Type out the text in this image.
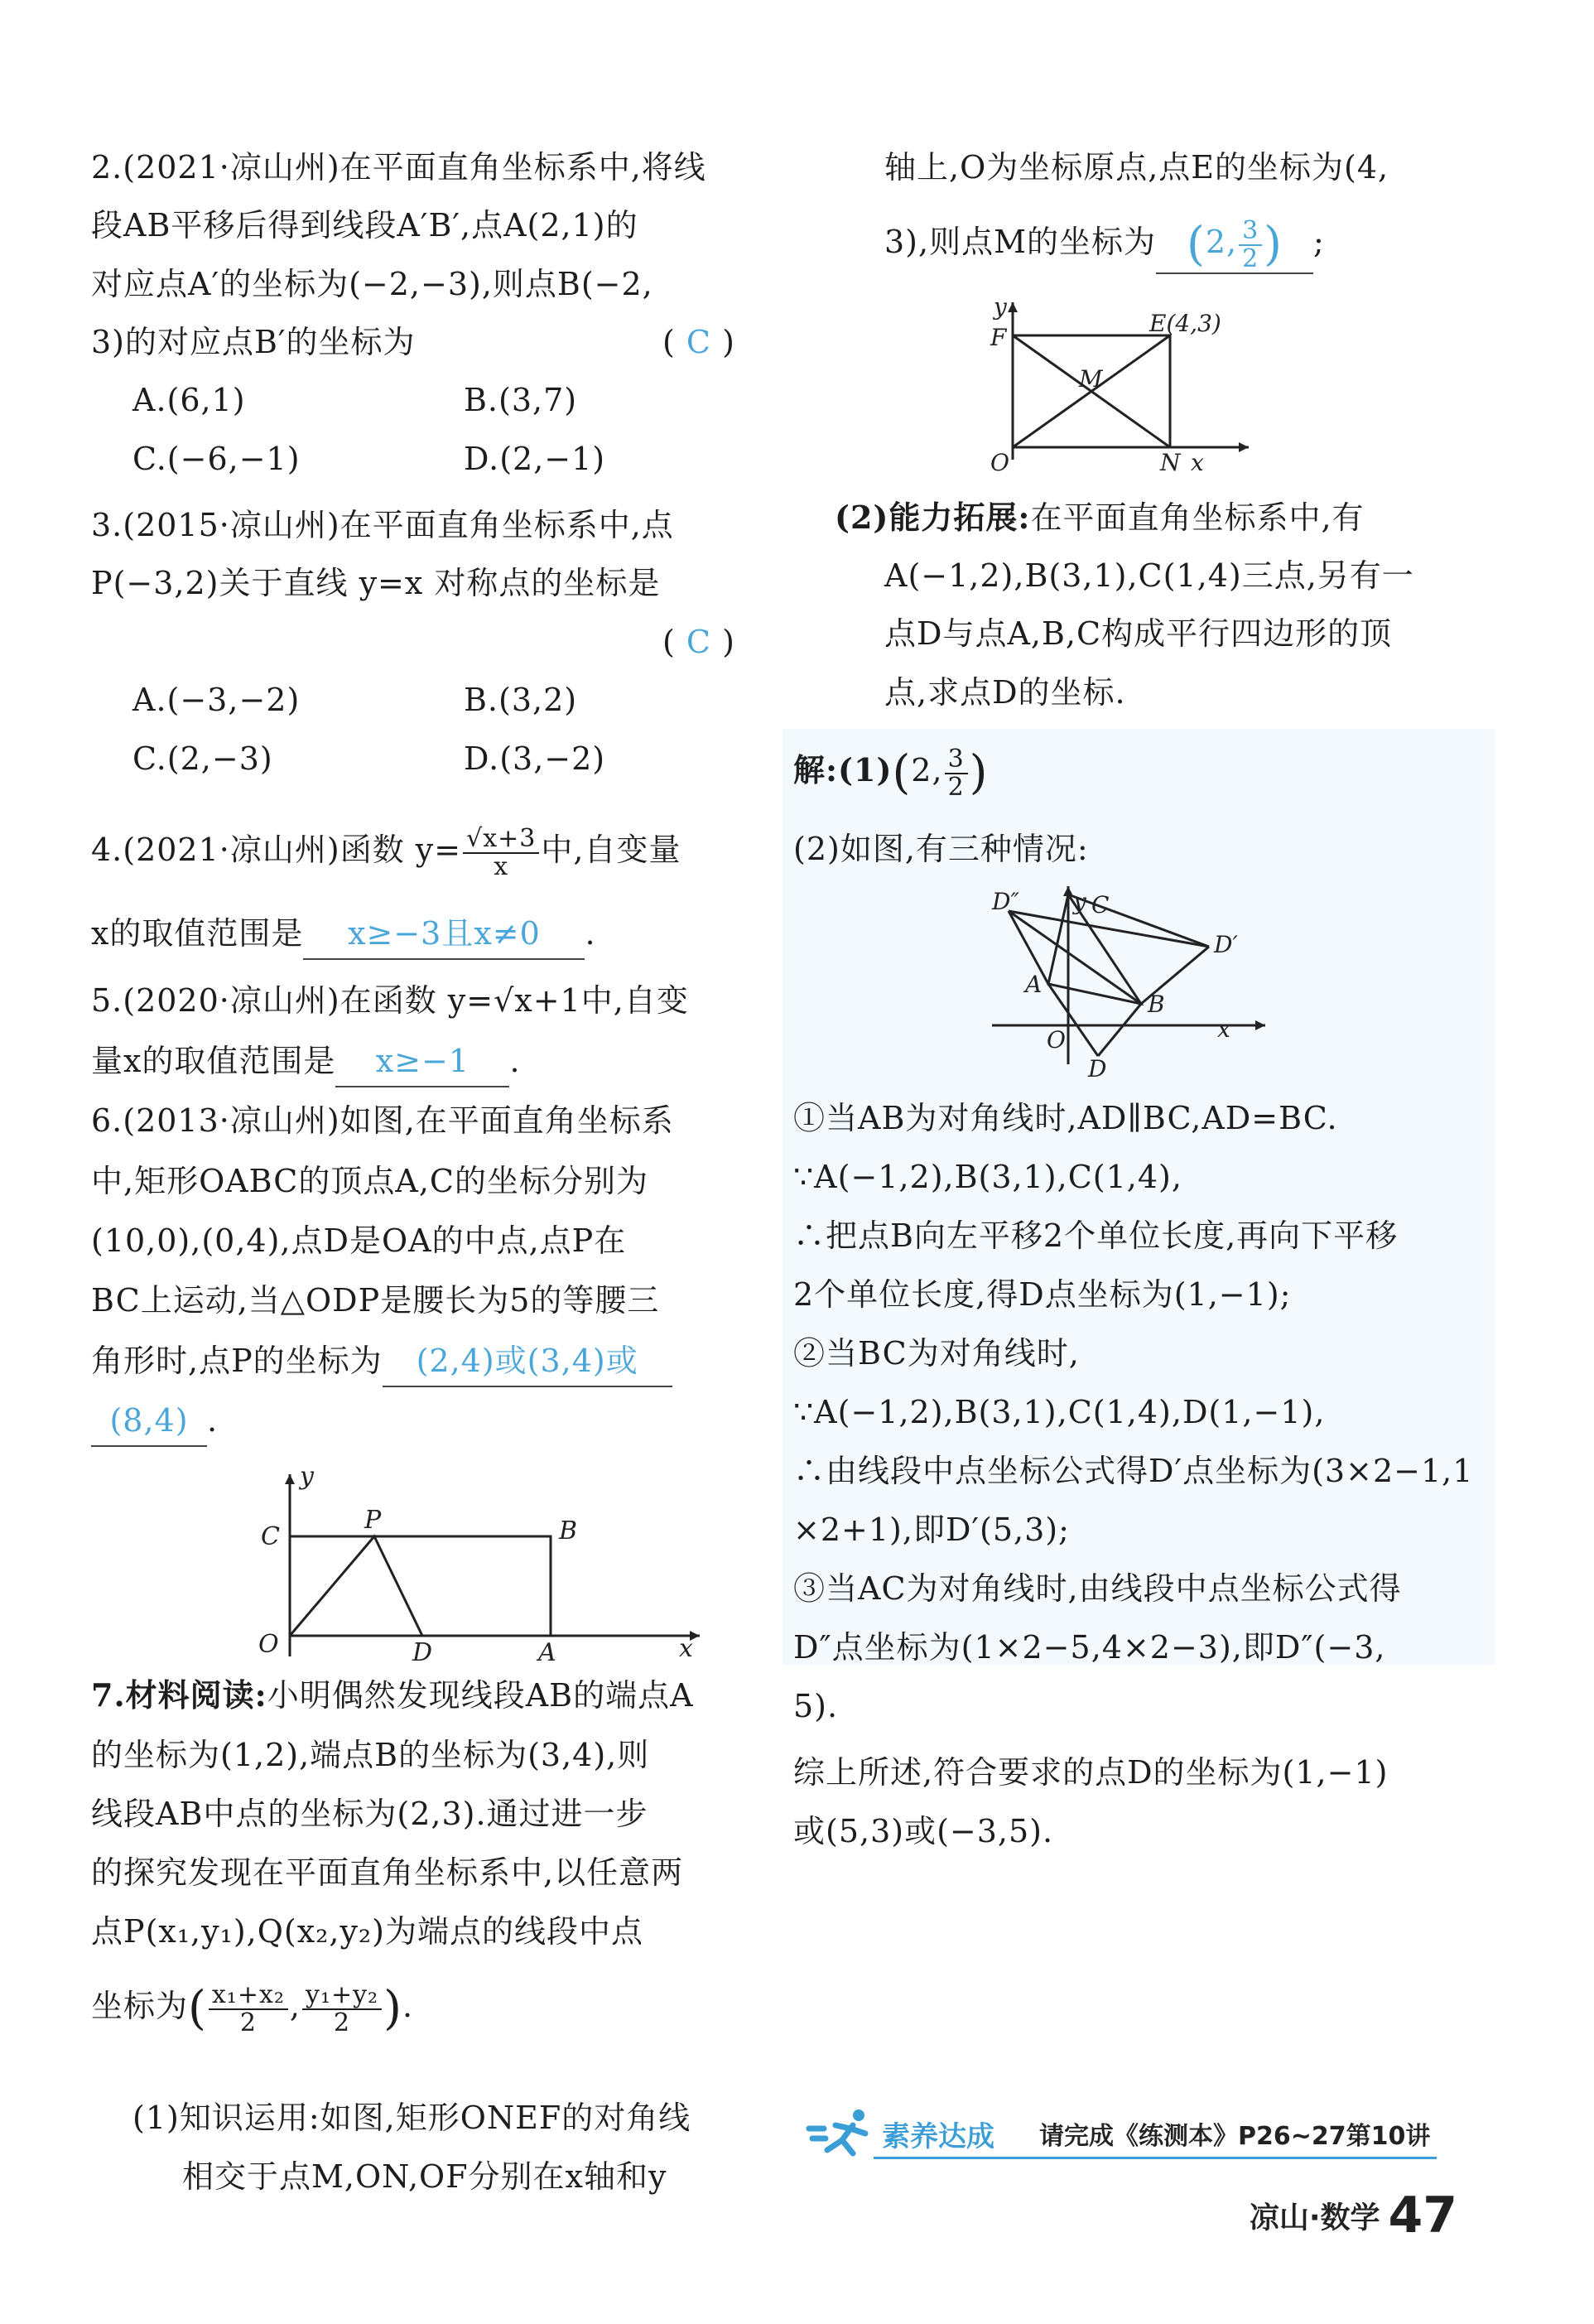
2.(2021·凉山州)在平面直角坐标系中,将线
段AB平移后得到线段A′B′,点A(2,1)的
对应点A′的坐标为(−2,−3),则点B(−2,
3)的对应点B′的坐标为	( C )
A.(6,1)	B.(3,7)
C.(−6,−1)	D.(2,−1)
3.(2015·凉山州)在平面直角坐标系中,点
P(−3,2)关于直线 y=x 对称点的坐标是
( C )
A.(−3,−2)	B.(3,2)
C.(2,−3)	D.(3,−2)
4.(2021·凉山州)函数 $y= \frac{√x+3}{x}$ 中,自变量
x的取值范围是 x≥−3且x≠0 .
5.(2020·凉山州)在函数 y=√x+1中,自变
量x的取值范围是 x≥−1 .
6.(2013·凉山州)如图,在平面直角坐标系
中,矩形OABC的顶点A,C的坐标分别为
(10,0),(0,4),点D是OA的中点,点P在
BC上运动,当△ODP是腰长为5的等腰三
角形时,点P的坐标为 (2,4)或(3,4)或
(8,4) .
y
x
C
P	B
O	D	A
7.材料阅读:小明偶然发现线段AB的端点A
的坐标为(1,2),端点B的坐标为(3,4),则
线段AB中点的坐标为(2,3).通过进一步
的探究发现在平面直角坐标系中,以任意两
点P(x₁,y₁),Q(x₂,y₂)为端点的线段中点
坐标为( $\frac{\text{x₁+x₂}}{2}$ , $\frac{\text{y₁+y₂}}{2}$ ).
(1)知识运用:如图,矩形ONEF的对角线
相交于点M,ON,OF分别在x轴和y
轴上,O为坐标原点,点E的坐标为(4,
3),则点M的坐标为 (2, $\frac{3}{2}$ ) ;
y
F
E(4,3)
M
O	N x
(2)能力拓展:在平面直角坐标系中,有
A(−1,2),B(3,1),C(1,4)三点,另有一
点D与点A,B,C构成平行四边形的顶
点,求点D的坐标.
解:(1)(2, $\frac{3}{2}$ )
(2)如图,有三种情况:
D″ y C
D′
A
B
x
O
D
①当AB为对角线时,AD∥BC,AD=BC.
∵A(−1,2),B(3,1),C(1,4),
∴把点B向左平移2个单位长度,再向下平移
2个单位长度,得D点坐标为(1,−1);
②当BC为对角线时,
∵A(−1,2),B(3,1),C(1,4),D(1,−1),
∴由线段中点坐标公式得D′点坐标为(3×2−1,1
×2+1),即D′(5,3);
③当AC为对角线时,由线段中点坐标公式得
D″点坐标为(1×2−5,4×2−3),即D″(−3,
5).
综上所述,符合要求的点D的坐标为(1,−1)
或(5,3)或(−3,5).
素养达成 请完成《练测本》P26~27第10讲
凉山·数学 47
